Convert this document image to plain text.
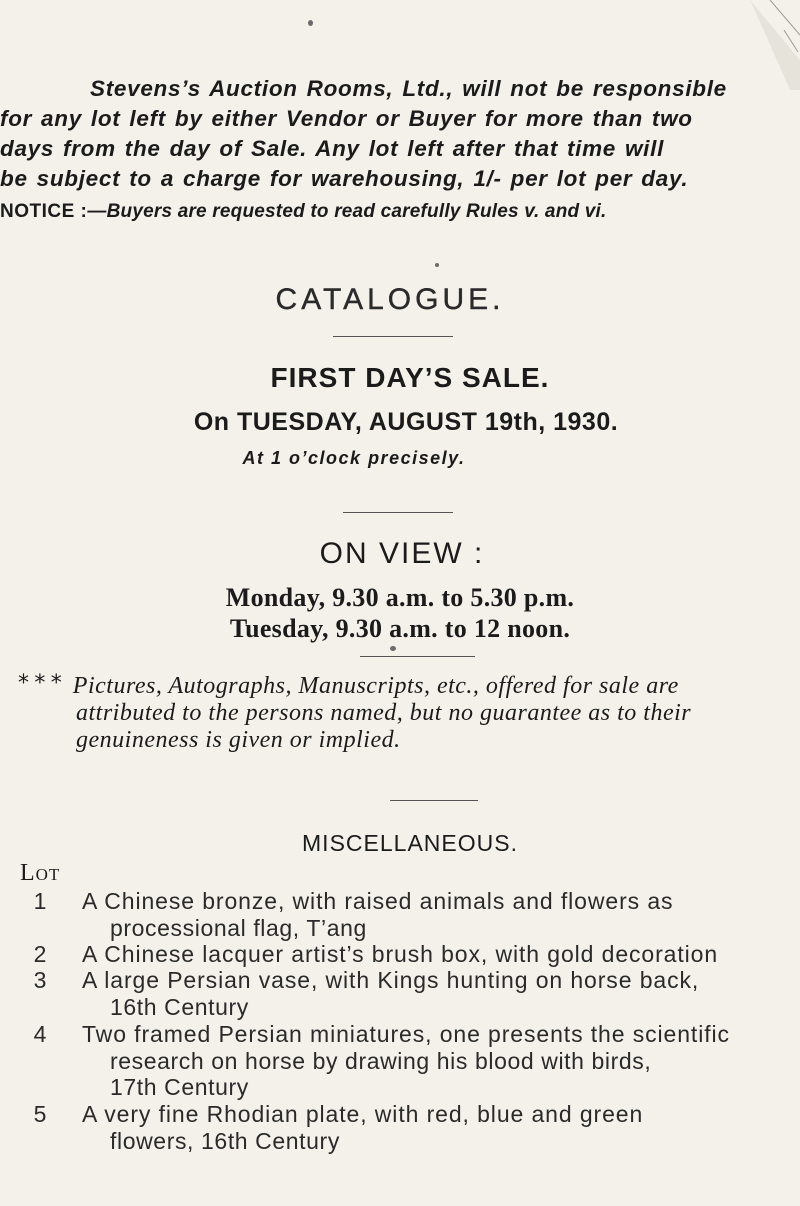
Stevens’s Auction Rooms, Ltd., will not be responsible

for any lot left by either Vendor or Buyer for more than two

days from the day of Sale. Any lot left after that time will

be subject to a charge for warehousing, 1/- per lot per day.

NOTICE :—Buyers are requested to read carefully Rules v. and vi.
CATALOGUE.
FIRST DAY’S SALE.
On TUESDAY, AUGUST 19th, 1930.
At 1 o’clock precisely.
ON VIEW :
Monday, 9.30 a.m. to 5.30 p.m.
Tuesday, 9.30 a.m. to 12 noon.
* * * Pictures, Autographs, Manuscripts, etc., offered for sale are
attributed to the persons named, but no guarantee as to their
genuineness is given or implied.
MISCELLANEOUS.
Lot
1 A Chinese bronze, with raised animals and flowers as
processional flag, T’ang
2 A Chinese lacquer artist’s brush box, with gold decoration
3 A large Persian vase, with Kings hunting on horse back,
16th Century
4 Two framed Persian miniatures, one presents the scientific
research on horse by drawing his blood with birds,
17th Century
5 A very fine Rhodian plate, with red, blue and green
flowers, 16th Century
